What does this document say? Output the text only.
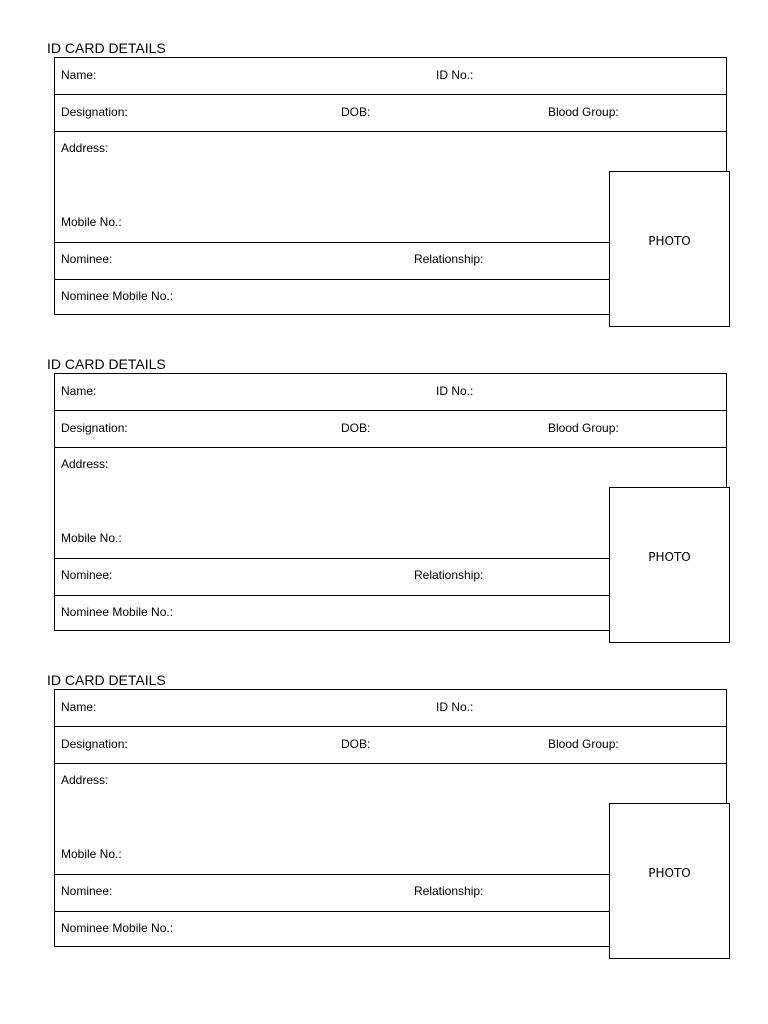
ID CARD DETAILS
Name:	ID No.:
Designation:	DOB:	Blood Group:
Address:
Mobile No.:
Nominee:	Relationship:
Nominee Mobile No.:
PHOTO
ID CARD DETAILS
Name:	ID No.:
Designation:	DOB:	Blood Group:
Address:
Mobile No.:
Nominee:	Relationship:
Nominee Mobile No.:
PHOTO
ID CARD DETAILS
Name:	ID No.:
Designation:	DOB:	Blood Group:
Address:
Mobile No.:
Nominee:	Relationship:
Nominee Mobile No.:
PHOTO
